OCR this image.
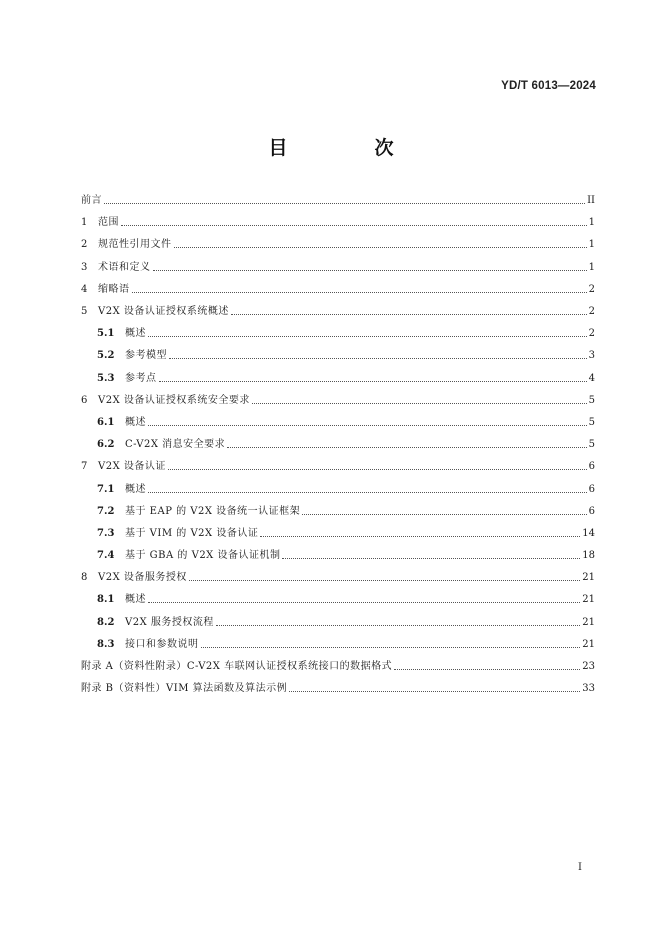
YD/T 6013—2024
目　次
前言	II
1	范围	1
2	规范性引用文件	1
3	术语和定义	1
4	缩略语	2
5	V2X 设备认证授权系统概述	2
5.1	概述	2
5.2	参考模型	3
5.3	参考点	4
6	V2X 设备认证授权系统安全要求	5
6.1	概述	5
6.2	C-V2X 消息安全要求	5
7	V2X 设备认证	6
7.1	概述	6
7.2	基于 EAP 的 V2X 设备统一认证框架	6
7.3	基于 VIM 的 V2X 设备认证	14
7.4	基于 GBA 的 V2X 设备认证机制	18
8	V2X 设备服务授权	21
8.1	概述	21
8.2	V2X 服务授权流程	21
8.3	接口和参数说明	21
附录 A（资料性附录）C-V2X 车联网认证授权系统接口的数据格式	23
附录 B（资料性）VIM 算法函数及算法示例	33
I
